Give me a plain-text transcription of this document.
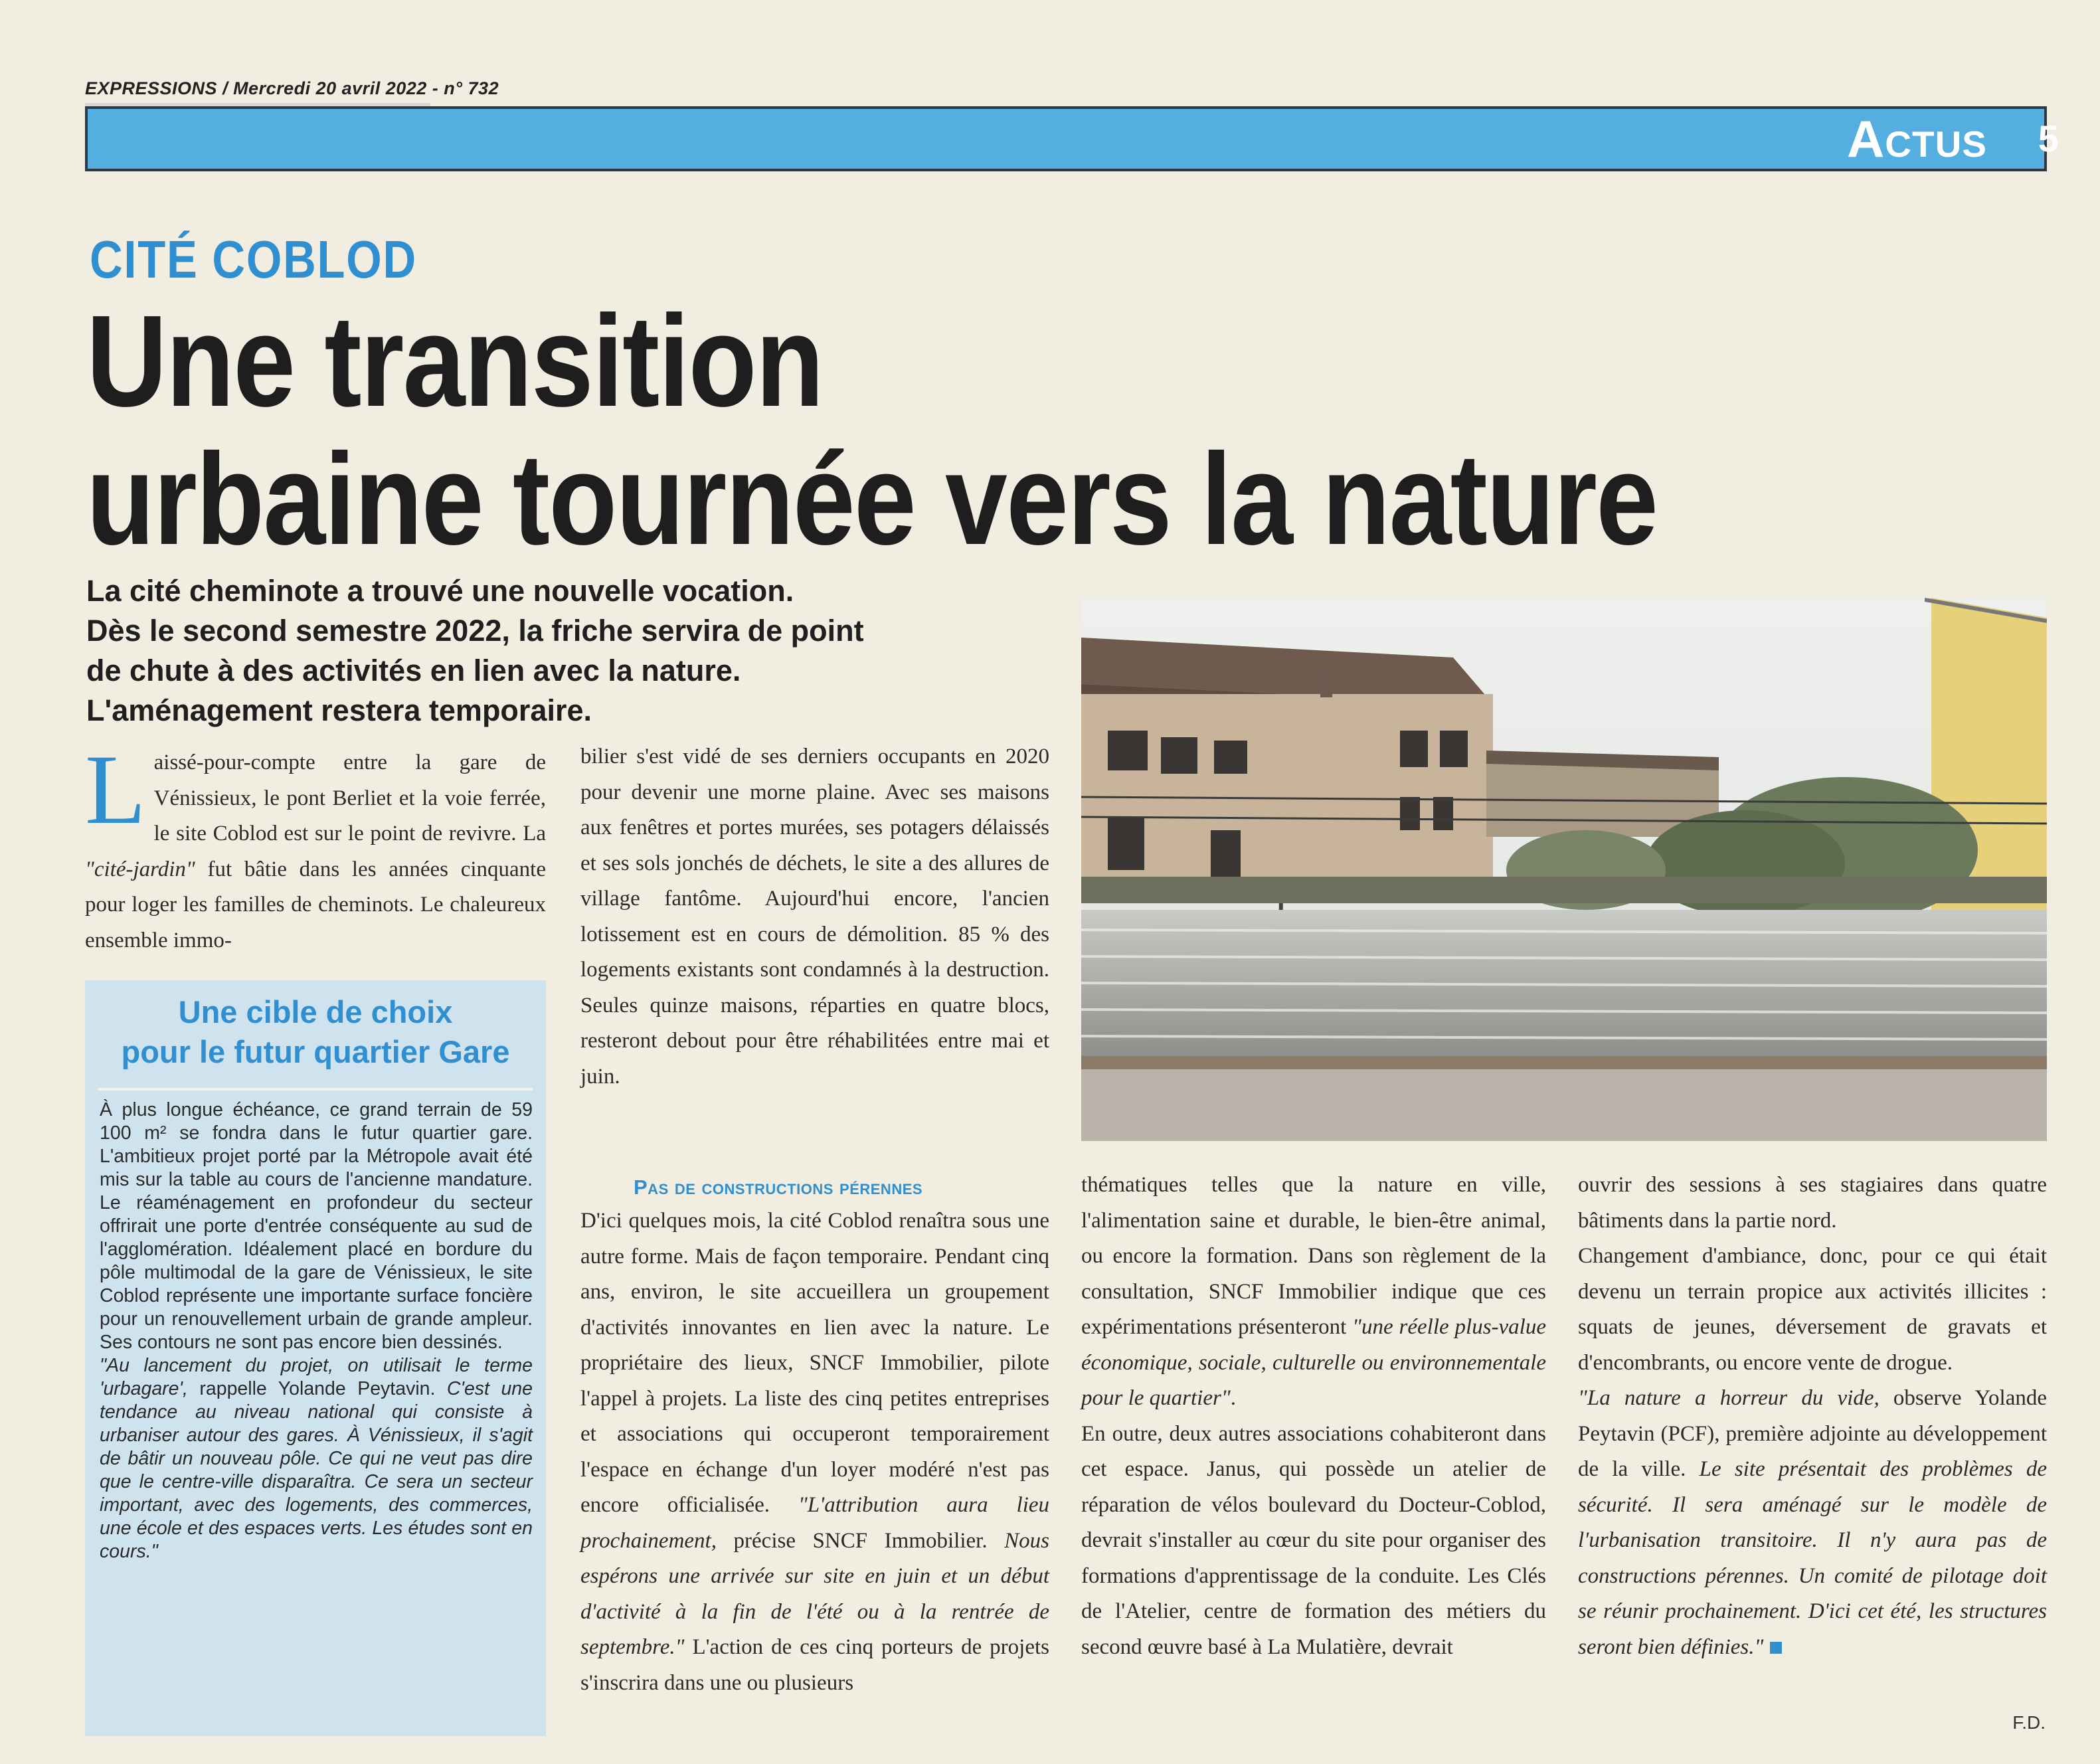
EXPRESSIONS / Mercredi 20 avril 2022 - n° 732
Actus 5
CITÉ COBLOD
Une transition
urbaine tournée vers la nature
La cité cheminote a trouvé une nouvelle vocation.
Dès le second semestre 2022, la friche servira de point
de chute à des activités en lien avec la nature.
L'aménagement restera temporaire.

Laissé-pour-compte entre la gare de Vénissieux, le pont Berliet et la voie ferrée, le site Coblod est sur le point de revivre. La "cité-jardin" fut bâtie dans les années cinquante pour loger les familles de cheminots. Le chaleureux ensemble immo-

Une cible de choix
pour le futur quartier Gare

À plus longue échéance, ce grand terrain de 59 100 m² se fondra dans le futur quartier gare. L'ambitieux projet porté par la Métropole avait été mis sur la table au cours de l'ancienne mandature. Le réaménagement en profondeur du secteur offrirait une porte d'entrée conséquente au sud de l'agglomération. Idéalement placé en bordure du pôle multimodal de la gare de Vénissieux, le site Coblod représente une importante surface foncière pour un renouvellement urbain de grande ampleur. Ses contours ne sont pas encore bien dessinés.

"Au lancement du projet, on utilisait le terme 'urbagare', rappelle Yolande Peytavin. C'est une tendance au niveau national qui consiste à urbaniser autour des gares. À Vénissieux, il s'agit de bâtir un nouveau pôle. Ce qui ne veut pas dire que le centre-ville disparaîtra. Ce sera un secteur important, avec des logements, des commerces, une école et des espaces verts. Les études sont en cours."

bilier s'est vidé de ses derniers occupants en 2020 pour devenir une morne plaine. Avec ses maisons aux fenêtres et portes murées, ses potagers délaissés et ses sols jonchés de déchets, le site a des allures de village fantôme. Aujourd'hui encore, l'ancien lotissement est en cours de démolition. 85 % des logements existants sont condamnés à la destruction. Seules quinze maisons, réparties en quatre blocs, resteront debout pour être réhabilitées entre mai et juin.

Pas de constructions pérennes

D'ici quelques mois, la cité Coblod renaîtra sous une autre forme. Mais de façon temporaire. Pendant cinq ans, environ, le site accueillera un groupement d'activités innovantes en lien avec la nature. Le propriétaire des lieux, SNCF Immobilier, pilote l'appel à projets. La liste des cinq petites entreprises et associations qui occuperont temporairement l'espace en échange d'un loyer modéré n'est pas encore officialisée. "L'attribution aura lieu prochainement, précise SNCF Immobilier. Nous espérons une arrivée sur site en juin et un début d'activité à la fin de l'été ou à la rentrée de septembre." L'action de ces cinq porteurs de projets s'inscrira dans une ou plusieurs

thématiques telles que la nature en ville, l'alimentation saine et durable, le bien-être animal, ou encore la formation. Dans son règlement de la consultation, SNCF Immobilier indique que ces expérimentations présenteront "une réelle plus-value économique, sociale, culturelle ou environnementale pour le quartier".

En outre, deux autres associations cohabiteront dans cet espace. Janus, qui possède un atelier de réparation de vélos boulevard du Docteur-Coblod, devrait s'installer au cœur du site pour organiser des formations d'apprentissage de la conduite. Les Clés de l'Atelier, centre de formation des métiers du second œuvre basé à La Mulatière, devrait

ouvrir des sessions à ses stagiaires dans quatre bâtiments dans la partie nord.

Changement d'ambiance, donc, pour ce qui était devenu un terrain propice aux activités illicites : squats de jeunes, déversement de gravats et d'encombrants, ou encore vente de drogue.

"La nature a horreur du vide, observe Yolande Peytavin (PCF), première adjointe au développement de la ville. Le site présentait des problèmes de sécurité. Il sera aménagé sur le modèle de l'urbanisation transitoire. Il n'y aura pas de constructions pérennes. Un comité de pilotage doit se réunir prochainement. D'ici cet été, les structures seront bien définies."

F.D.
